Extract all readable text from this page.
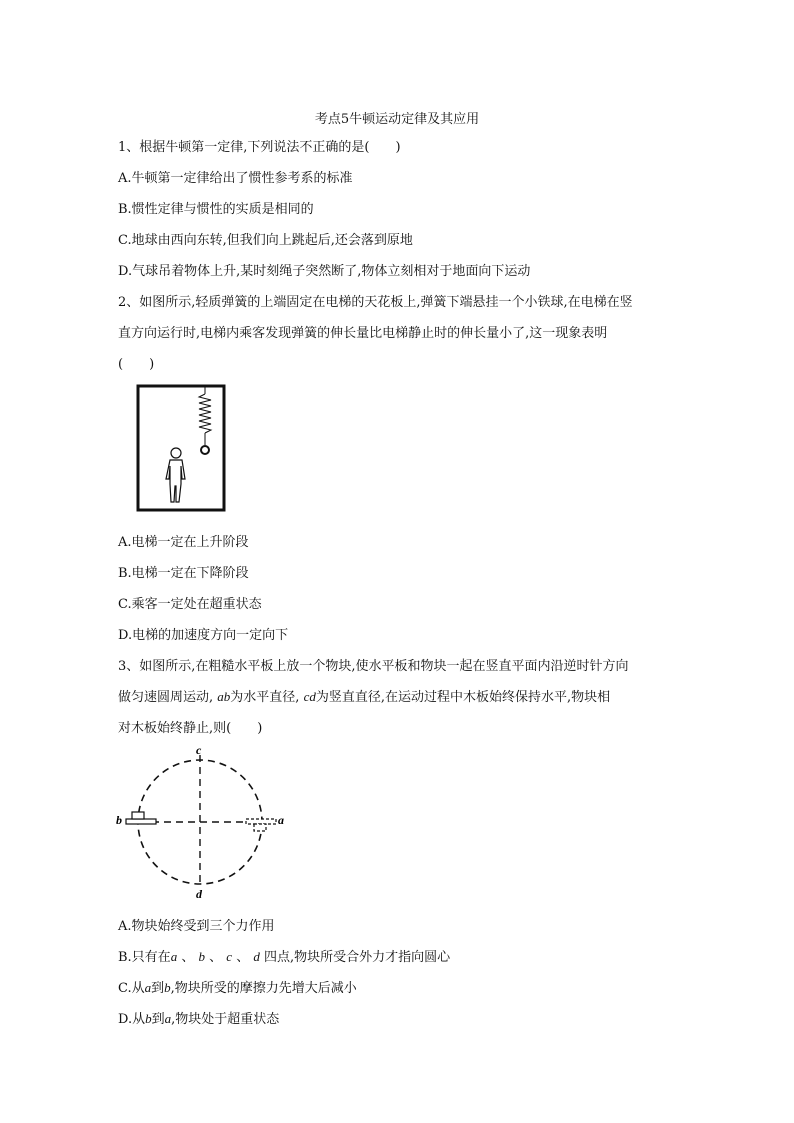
考点5牛顿运动定律及其应用
1、根据牛顿第一定律,下列说法不正确的是(　　)
A.牛顿第一定律给出了惯性参考系的标准
B.惯性定律与惯性的实质是相同的
C.地球由西向东转,但我们向上跳起后,还会落到原地
D.气球吊着物体上升,某时刻绳子突然断了,物体立刻相对于地面向下运动
2、如图所示,轻质弹簧的上端固定在电梯的天花板上,弹簧下端悬挂一个小铁球,在电梯在竖
直方向运行时,电梯内乘客发现弹簧的伸长量比电梯静止时的伸长量小了,这一现象表明
(　　)
A.电梯一定在上升阶段
B.电梯一定在下降阶段
C.乘客一定处在超重状态
D.电梯的加速度方向一定向下
3、如图所示,在粗糙水平板上放一个物块,使水平板和物块一起在竖直平面内沿逆时针方向
做匀速圆周运动, ab为水平直径, cd为竖直直径,在运动过程中木板始终保持水平,物块相
对木板始终静止,则(　　)
c
d
b	a
A.物块始终受到三个力作用
B.只有在a 、 b 、 c 、 d 四点,物块所受合外力才指向圆心
C.从a到b,物块所受的摩擦力先增大后减小
D.从b到a,物块处于超重状态
